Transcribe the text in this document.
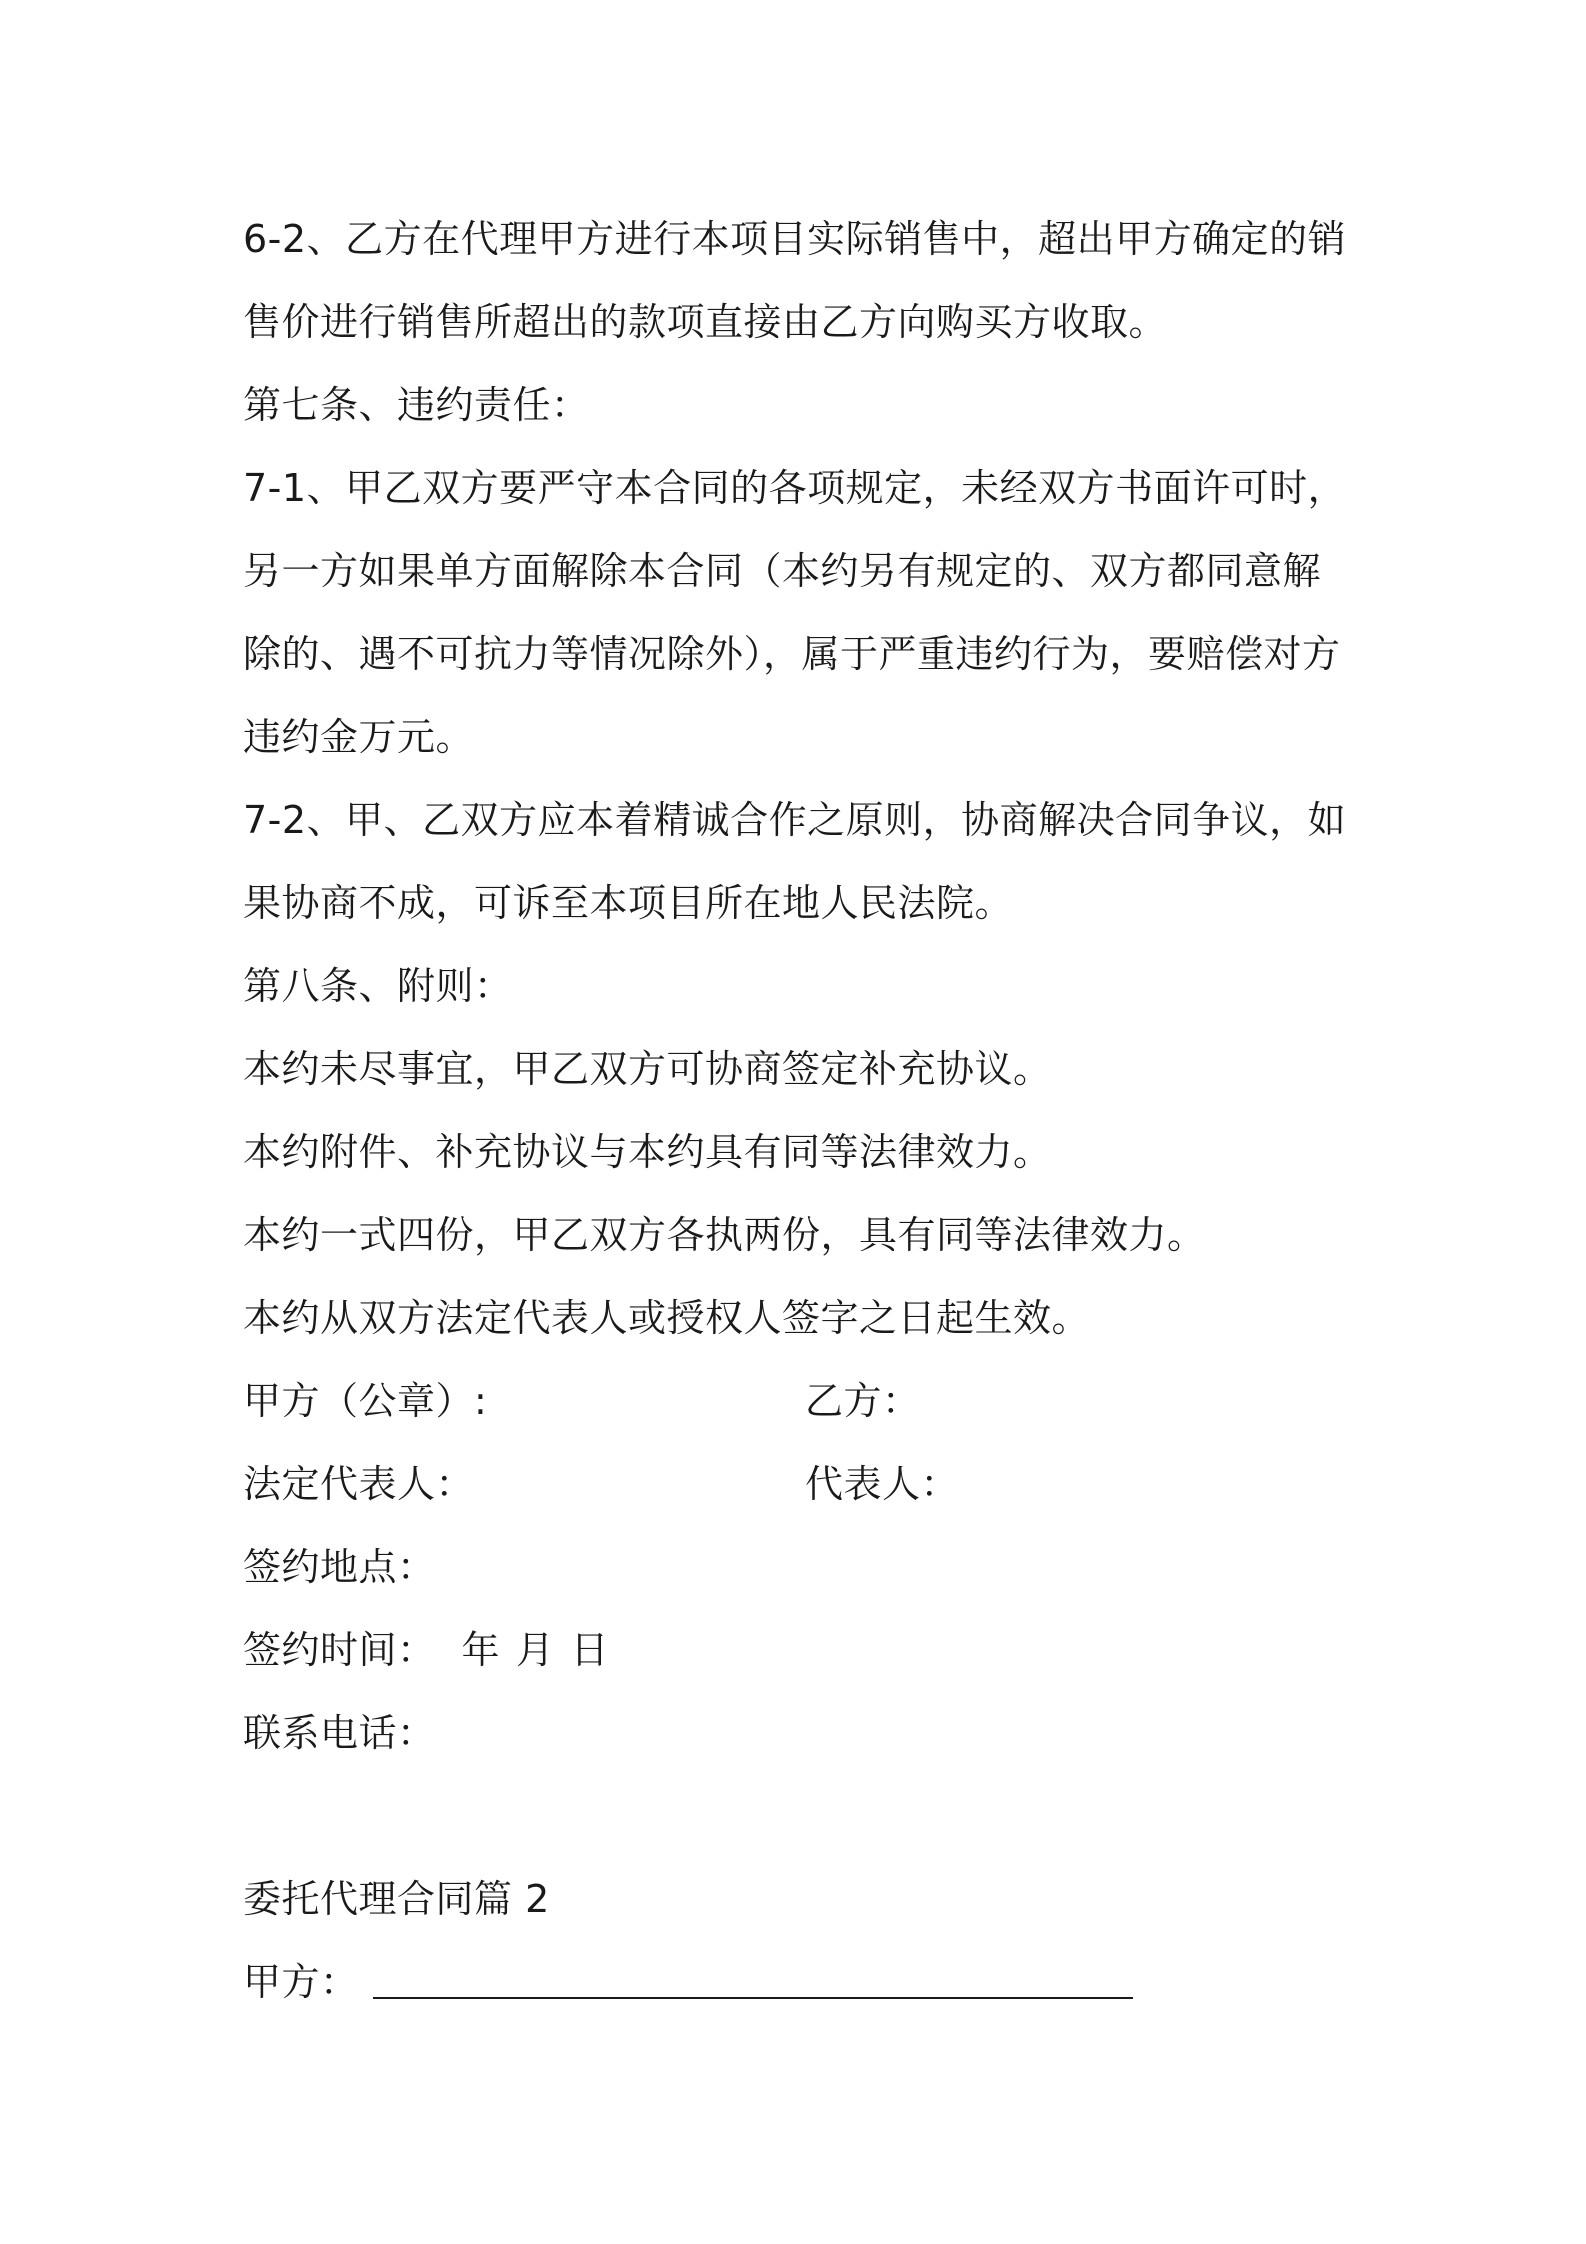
6-2、乙方在代理甲方进行本项目实际销售中，超出甲方确定的销售价进行销售所超出的款项直接由乙方向购买方收取。

第七条、违约责任：

7-1、甲乙双方要严守本合同的各项规定，未经双方书面许可时，另一方如果单方面解除本合同（本约另有规定的、双方都同意解除的、遇不可抗力等情况除外），属于严重违约行为，要赔偿对方违约金万元。

7-2、甲、乙双方应本着精诚合作之原则，协商解决合同争议，如果协商不成，可诉至本项目所在地人民法院。

第八条、附则：

本约未尽事宜，甲乙双方可协商签定补充协议。

本约附件、补充协议与本约具有同等法律效力。

本约一式四份，甲乙双方各执两份，具有同等法律效力。

本约从双方法定代表人或授权人签字之日起生效。

甲方（公章）:	乙方：
法定代表人：	代表人：
签约地点：
签约时间： 年 月 日
联系电话：

委托代理合同篇 2

甲方：
